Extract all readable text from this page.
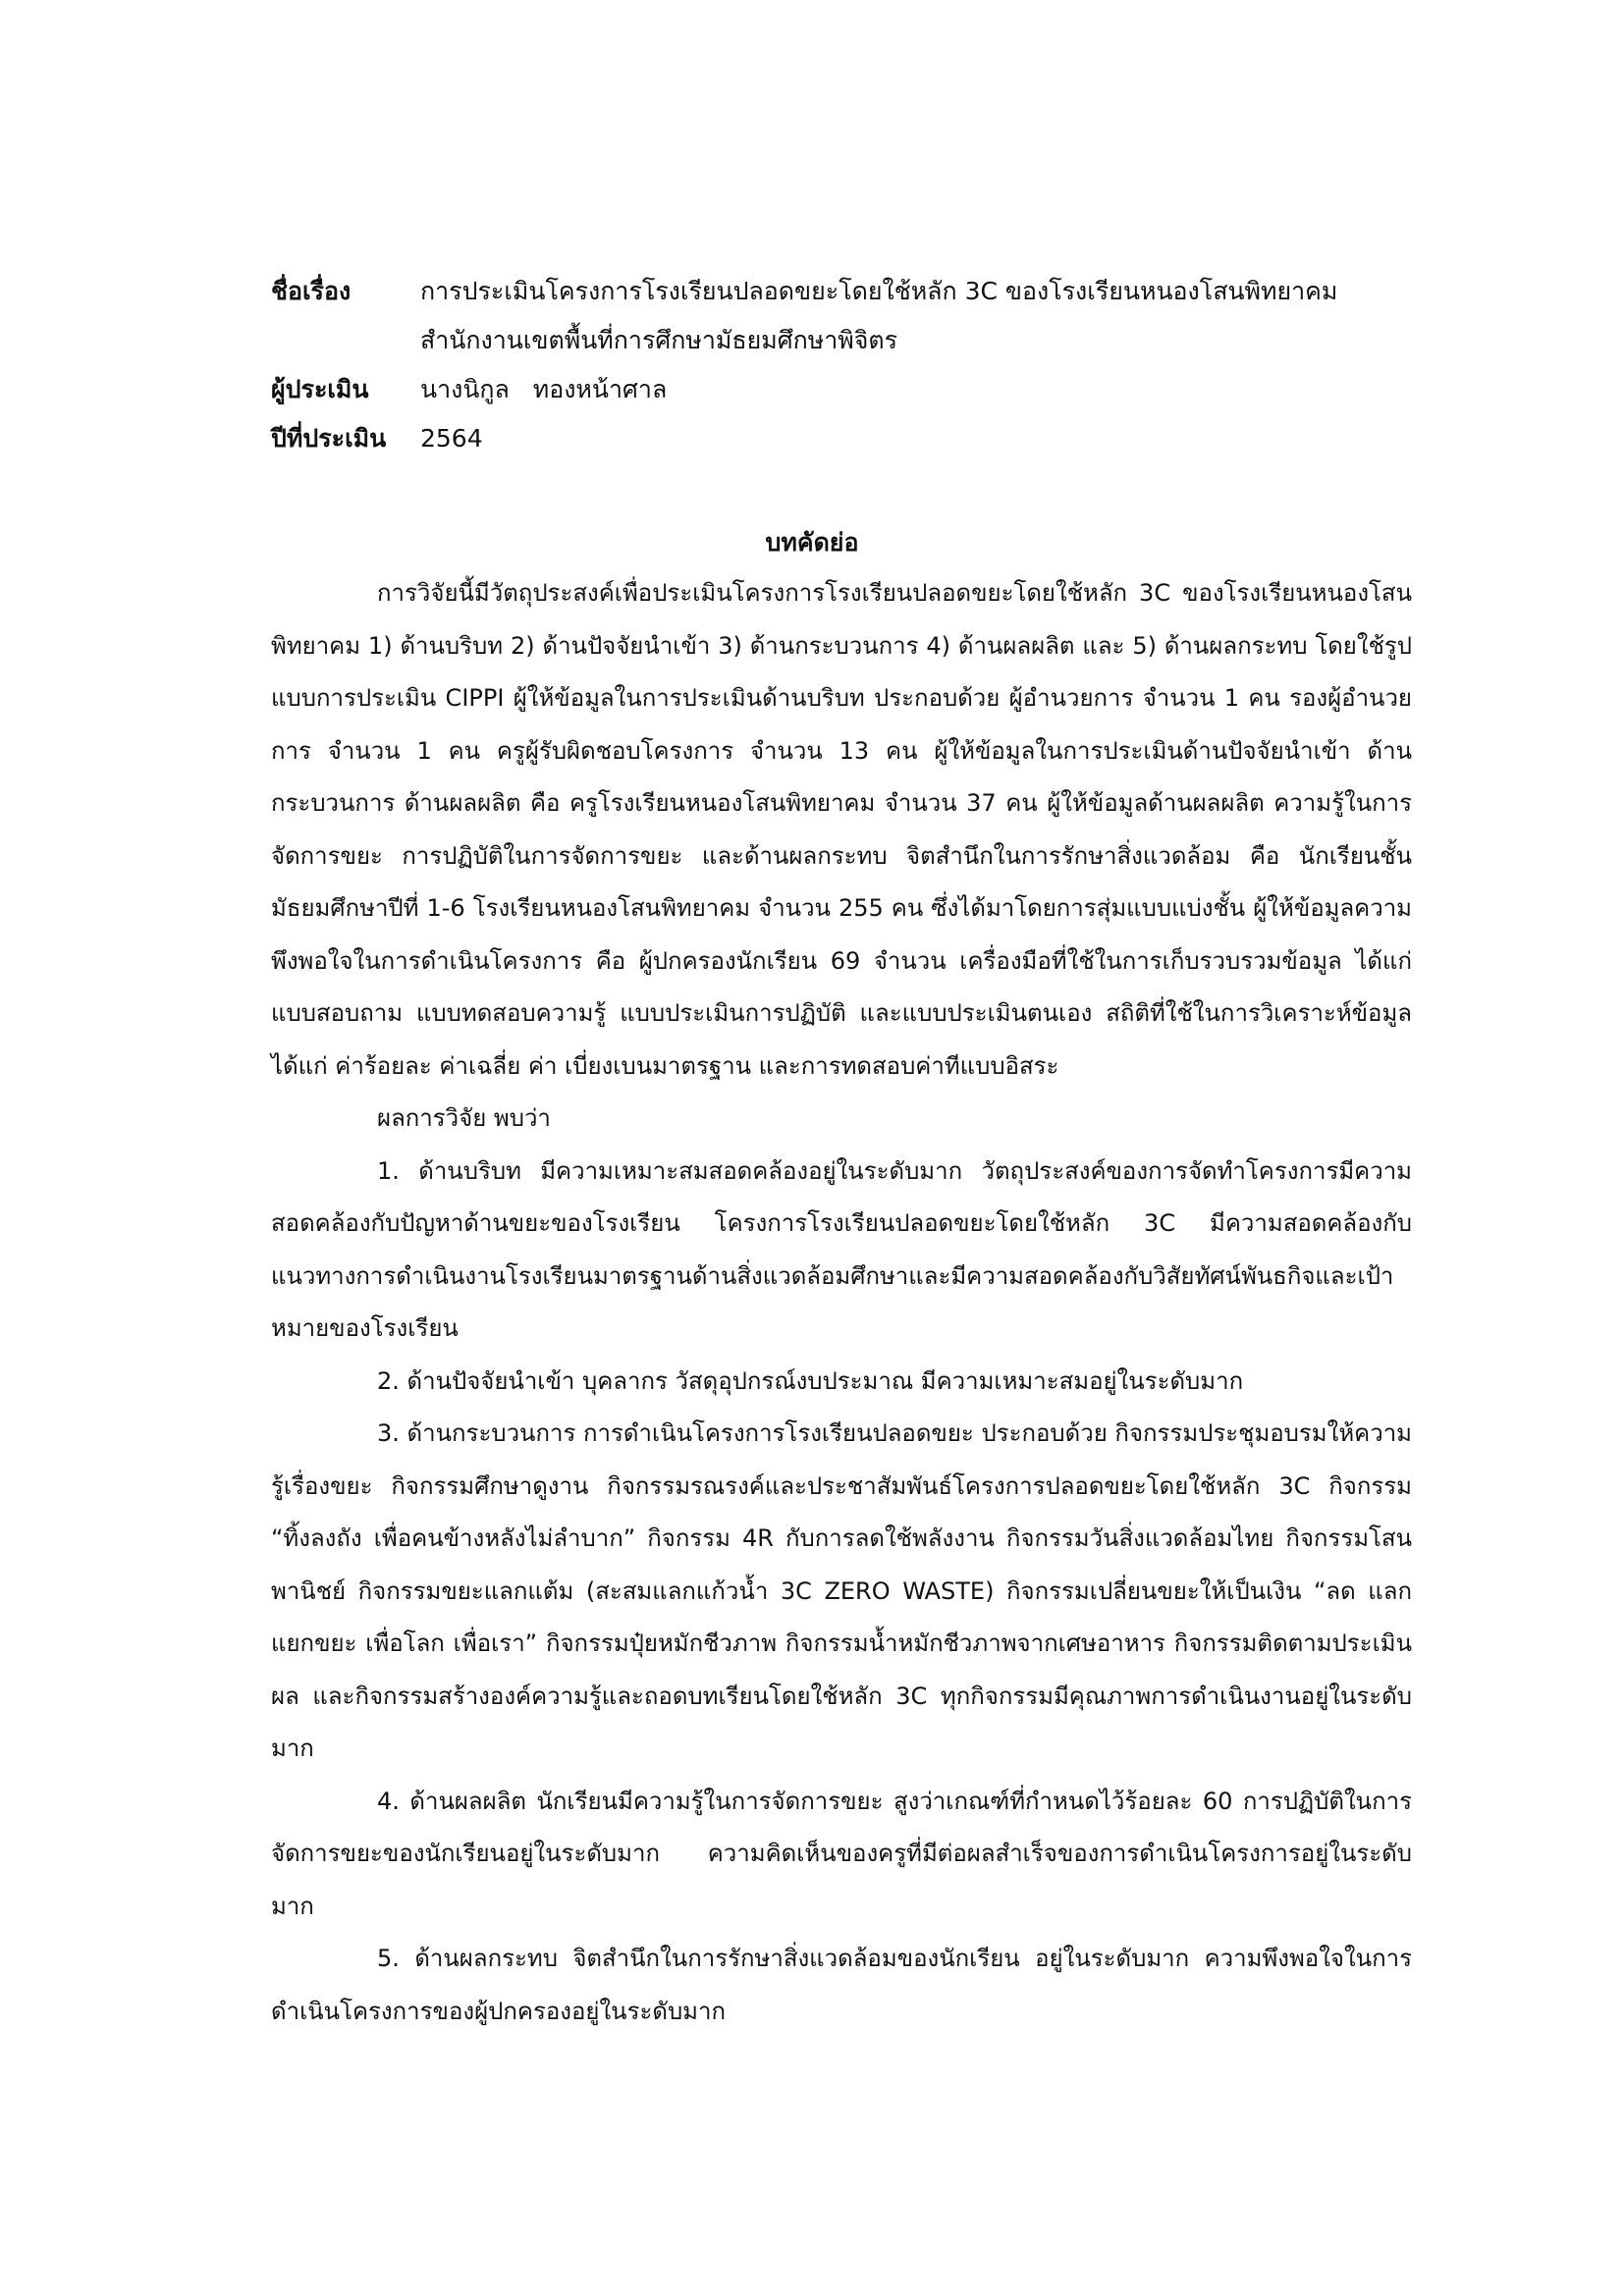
ชื่อเรื่อง	การประเมินโครงการโรงเรียนปลอดขยะโดยใช้หลัก 3C ของโรงเรียนหนองโสนพิทยาคม
สำนักงานเขตพื้นที่การศึกษามัธยมศึกษาพิจิตร
ผู้ประเมิน	นางนิกูล   ทองหน้าศาล
ปีที่ประเมิน	2564
บทคัดย่อ

การวิจัยนี้มีวัตถุประสงค์เพื่อประเมินโครงการโรงเรียนปลอดขยะโดยใช้หลัก 3C ของโรงเรียนหนองโสนพิทยาคม 1) ด้านบริบท 2) ด้านปัจจัยนำเข้า 3) ด้านกระบวนการ 4) ด้านผลผลิต และ 5) ด้านผลกระทบ โดยใช้รูปแบบการประเมิน CIPPI ผู้ให้ข้อมูลในการประเมินด้านบริบท ประกอบด้วย ผู้อำนวยการ จำนวน 1 คน รองผู้อำนวยการ จำนวน 1 คน ครูผู้รับผิดชอบโครงการ จำนวน 13 คน ผู้ให้ข้อมูลในการประเมินด้านปัจจัยนำเข้า ด้านกระบวนการ ด้านผลผลิต คือ ครูโรงเรียนหนองโสนพิทยาคม จำนวน 37 คน ผู้ให้ข้อมูลด้านผลผลิต ความรู้ในการจัดการขยะ การปฏิบัติในการจัดการขยะ และด้านผลกระทบ จิตสำนึกในการรักษาสิ่งแวดล้อม คือ นักเรียนชั้นมัธยมศึกษาปีที่ 1-6 โรงเรียนหนองโสนพิทยาคม จำนวน 255 คน ซึ่งได้มาโดยการสุ่มแบบแบ่งชั้น ผู้ให้ข้อมูลความพึงพอใจในการดำเนินโครงการ คือ ผู้ปกครองนักเรียน 69 จำนวน เครื่องมือที่ใช้ในการเก็บรวบรวมข้อมูล ได้แก่ แบบสอบถาม แบบทดสอบความรู้ แบบประเมินการปฏิบัติ และแบบประเมินตนเอง สถิติที่ใช้ในการวิเคราะห์ข้อมูล ได้แก่ ค่าร้อยละ ค่าเฉลี่ย ค่า เบี่ยงเบนมาตรฐาน และการทดสอบค่าทีแบบอิสระ

ผลการวิจัย พบว่า

1. ด้านบริบท มีความเหมาะสมสอดคล้องอยู่ในระดับมาก วัตถุประสงค์ของการจัดทำโครงการมีความสอดคล้องกับปัญหาด้านขยะของโรงเรียน โครงการโรงเรียนปลอดขยะโดยใช้หลัก 3C มีความสอดคล้องกับแนวทางการดำเนินงานโรงเรียนมาตรฐานด้านสิ่งแวดล้อมศึกษาและมีความสอดคล้องกับวิสัยทัศน์พันธกิจและเป้าหมายของโรงเรียน

2. ด้านปัจจัยนำเข้า บุคลากร วัสดุอุปกรณ์งบประมาณ มีความเหมาะสมอยู่ในระดับมาก

3. ด้านกระบวนการ การดำเนินโครงการโรงเรียนปลอดขยะ ประกอบด้วย กิจกรรมประชุมอบรมให้ความรู้เรื่องขยะ กิจกรรมศึกษาดูงาน กิจกรรมรณรงค์และประชาสัมพันธ์โครงการปลอดขยะโดยใช้หลัก 3C กิจกรรม “ทิ้งลงถัง เพื่อคนข้างหลังไม่ลำบาก” กิจกรรม 4R กับการลดใช้พลังงาน กิจกรรมวันสิ่งแวดล้อมไทย กิจกรรมโสนพานิชย์ กิจกรรมขยะแลกแต้ม (สะสมแลกแก้วน้ำ 3C ZERO WASTE) กิจกรรมเปลี่ยนขยะให้เป็นเงิน “ลด แลก แยกขยะ เพื่อโลก เพื่อเรา” กิจกรรมปุ๋ยหมักชีวภาพ กิจกรรมน้ำหมักชีวภาพจากเศษอาหาร กิจกรรมติดตามประเมินผล และกิจกรรมสร้างองค์ความรู้และถอดบทเรียนโดยใช้หลัก 3C ทุกกิจกรรมมีคุณภาพการดำเนินงานอยู่ในระดับมาก

4. ด้านผลผลิต นักเรียนมีความรู้ในการจัดการขยะ สูงว่าเกณฑ์ที่กำหนดไว้ร้อยละ 60 การปฏิบัติในการจัดการขยะของนักเรียนอยู่ในระดับมาก ความคิดเห็นของครูที่มีต่อผลสำเร็จของการดำเนินโครงการอยู่ในระดับมาก

5. ด้านผลกระทบ จิตสำนึกในการรักษาสิ่งแวดล้อมของนักเรียน อยู่ในระดับมาก ความพึงพอใจในการดำเนินโครงการของผู้ปกครองอยู่ในระดับมาก
